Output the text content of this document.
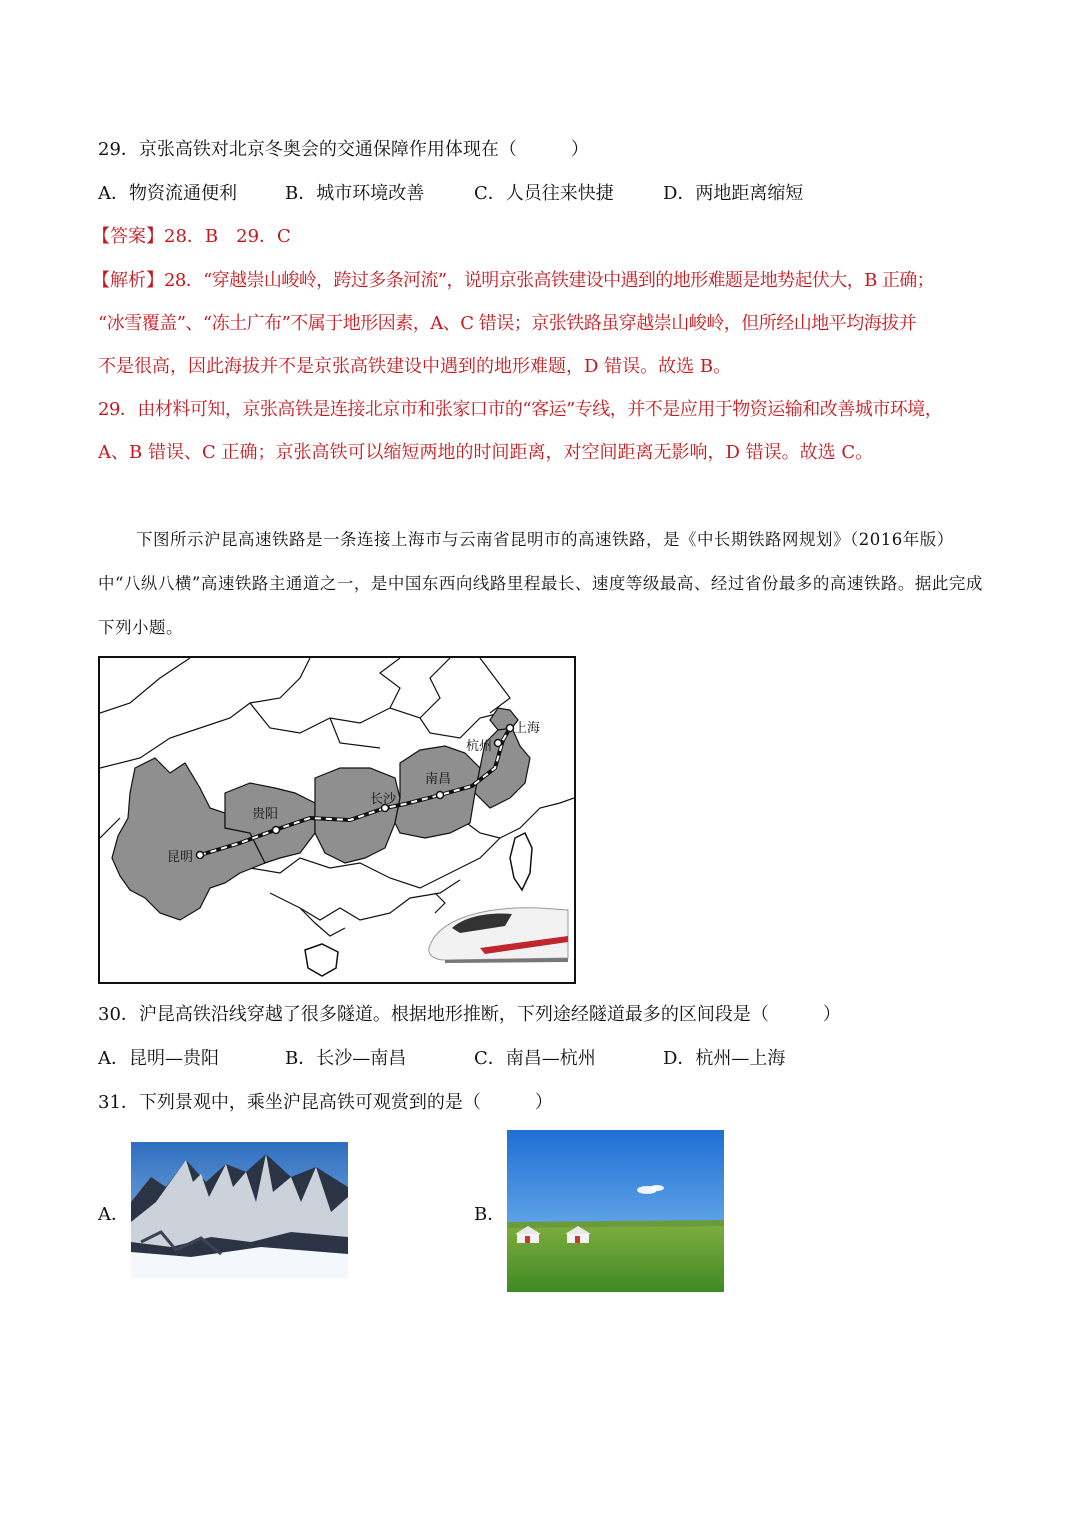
29．京张高铁对北京冬奥会的交通保障作用体现在（　　　）
A．物资流通便利	B．城市环境改善	C．人员往来快捷	D．两地距离缩短
【答案】28．B　29．C
【解析】28．“穿越崇山峻岭，跨过多条河流”，说明京张高铁建设中遇到的地形难题是地势起伏大，B 正确；
“冰雪覆盖”、“冻土广布”不属于地形因素，A、C 错误；京张铁路虽穿越崇山峻岭，但所经山地平均海拔并
不是很高，因此海拔并不是京张高铁建设中遇到的地形难题，D 错误。故选 B。
29．由材料可知，京张高铁是连接北京市和张家口市的“客运”专线，并不是应用于物资运输和改善城市环境，
A、B 错误、C 正确；京张高铁可以缩短两地的时间距离，对空间距离无影响，D 错误。故选 C。

下图所示沪昆高速铁路是一条连接上海市与云南省昆明市的高速铁路，是《中长期铁路网规划》（2016年版）中“八纵八横”高速铁路主通道之一，是中国东西向线路里程最长、速度等级最高、经过省份最多的高速铁路。据此完成下列小题。

上海
杭州
南昌
长沙
贵阳
昆明
30．沪昆高铁沿线穿越了很多隧道。根据地形推断，下列途经隧道最多的区间段是（　　　）
A．昆明—贵阳	B．长沙—南昌	C．南昌—杭州	D．杭州—上海
31．下列景观中，乘坐沪昆高铁可观赏到的是（　　　）
A．	B．
